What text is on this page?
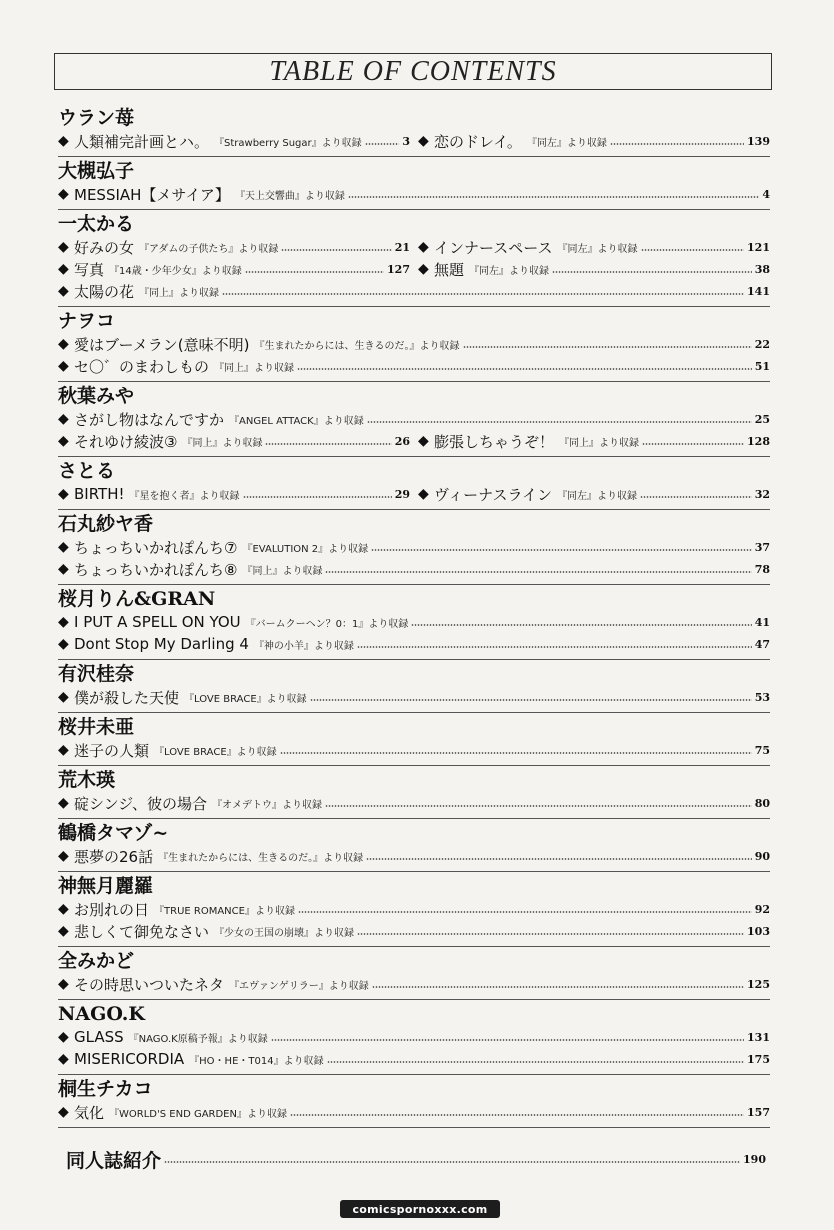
TABLE OF CONTENTS
ウラン苺
◆ 人類補完計画とハ。 『Strawberry Sugar』より収録	3 ◆ 恋のドレイ。 『同左』より収録	139
大槻弘子
◆ MESSIAH【メサイア】 『天上交響曲』より収録	4
一太かる
◆ 好みの女 『アダムの子供たち』より収録	21 ◆ インナースペース 『同左』より収録	121
◆ 写真 『14歳・少年少女』より収録	127 ◆ 無題 『同左』より収録	38
◆ 太陽の花 『同上』より収録	141
ナヲコ
◆ 愛はブーメラン(意味不明) 『生まれたからには、生きるのだ。』より収録	22
◆ セ〇゛のまわしもの 『同上』より収録	51
秋葉みや
◆ さがし物はなんですか 『ANGEL ATTACK』より収録	25
◆ それゆけ綾波③ 『同上』より収録	26 ◆ 膨張しちゃうぞ！ 『同上』より収録	128
さとる
◆ BIRTH! 『星を抱く者』より収録	29 ◆ ヴィーナスライン 『同左』より収録	32
石丸紗ヤ香
◆ ちょっちいかれぽんち⑦ 『EVALUTION 2』より収録	37
◆ ちょっちいかれぽんち⑧ 『同上』より収録	78
桜月りん&GRAN
◆ I PUT A SPELL ON YOU 『バームクーヘン？0：1』より収録	41
◆ Dont Stop My Darling 4 『神の小羊』より収録	47
有沢桂奈
◆ 僕が殺した天使 『LOVE BRACE』より収録	53
桜井未亜
◆ 迷子の人類 『LOVE BRACE』より収録	75
荒木瑛
◆ 碇シンジ、彼の場合 『オメデトウ』より収録	80
鶴橋タマゾ~
◆ 悪夢の26話 『生まれたからには、生きるのだ。』より収録	90
神無月麗羅
◆ お別れの日 『TRUE ROMANCE』より収録	92
◆ 悲しくて御免なさい 『少女の王国の崩壊』より収録	103
全みかど
◆ その時思いついたネタ 『エヴァンゲリラー』より収録	125
NAGO.K
◆ GLASS 『NAGO.K原稿予報』より収録	131
◆ MISERICORDIA 『HO・HE・T014』より収録	175
桐生チカコ
◆ 気化 『WORLD'S END GARDEN』より収録	157
同人誌紹介	190
comicspornoxxx.com
